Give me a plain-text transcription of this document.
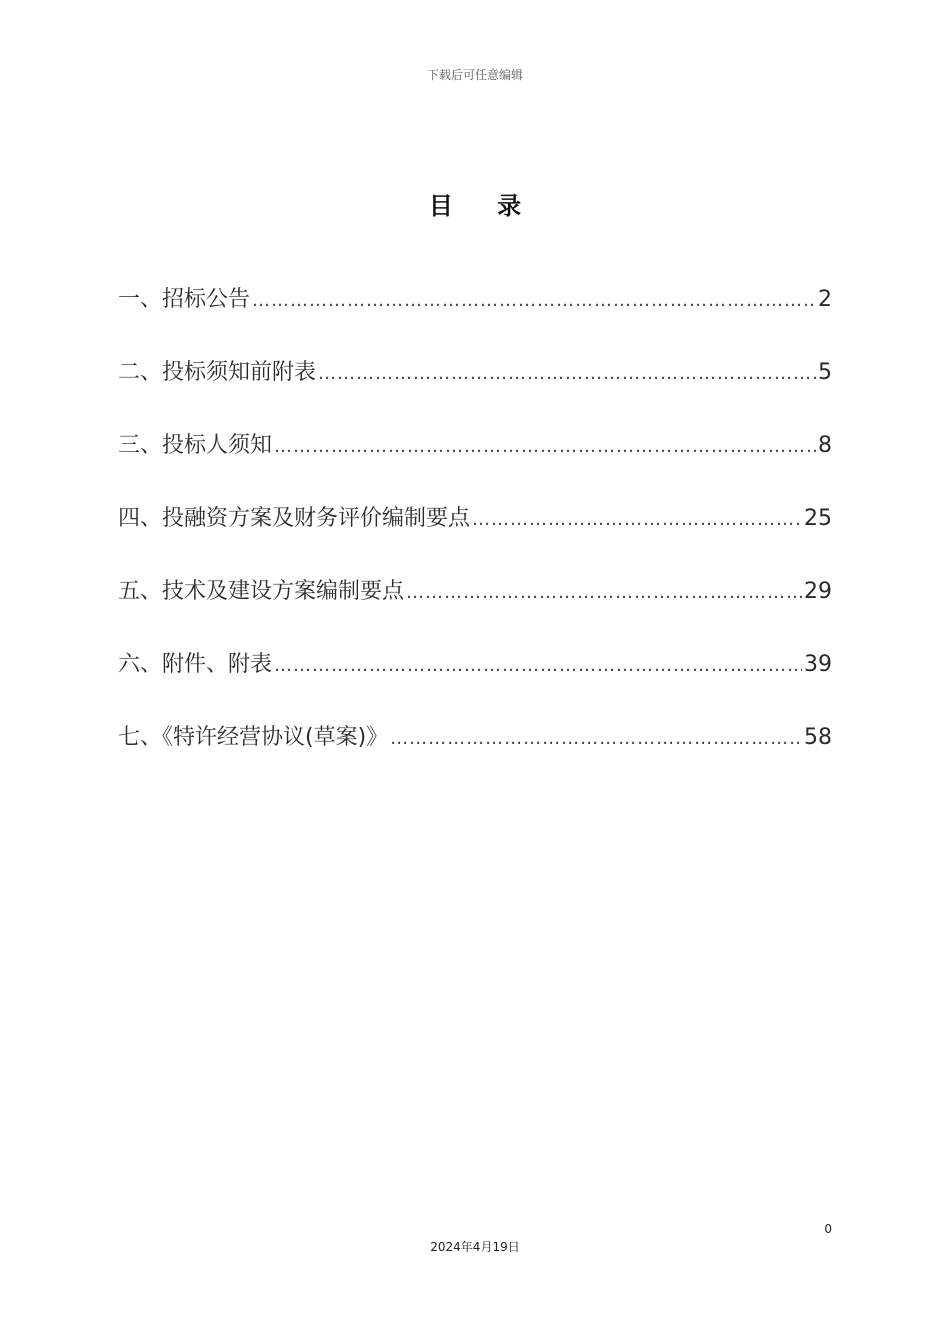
下载后可任意编辑
目 录
一、招标公告 …………………………………………………………………………………………………………………………………………………………………………	2
二、投标须知前附表 …………………………………………………………………………………………………………………………………………………………………………	5
三、投标人须知 …………………………………………………………………………………………………………………………………………………………………………	8
四、投融资方案及财务评价编制要点 …………………………………………………………………………………………………………………………………………………………………………	25
五、技术及建设方案编制要点 …………………………………………………………………………………………………………………………………………………………………………	29
六、附件、附表 …………………………………………………………………………………………………………………………………………………………………………	39
七、《特许经营协议(草案)》 …………………………………………………………………………………………………………………………………………………………………………	58
0
2024年4月19日
